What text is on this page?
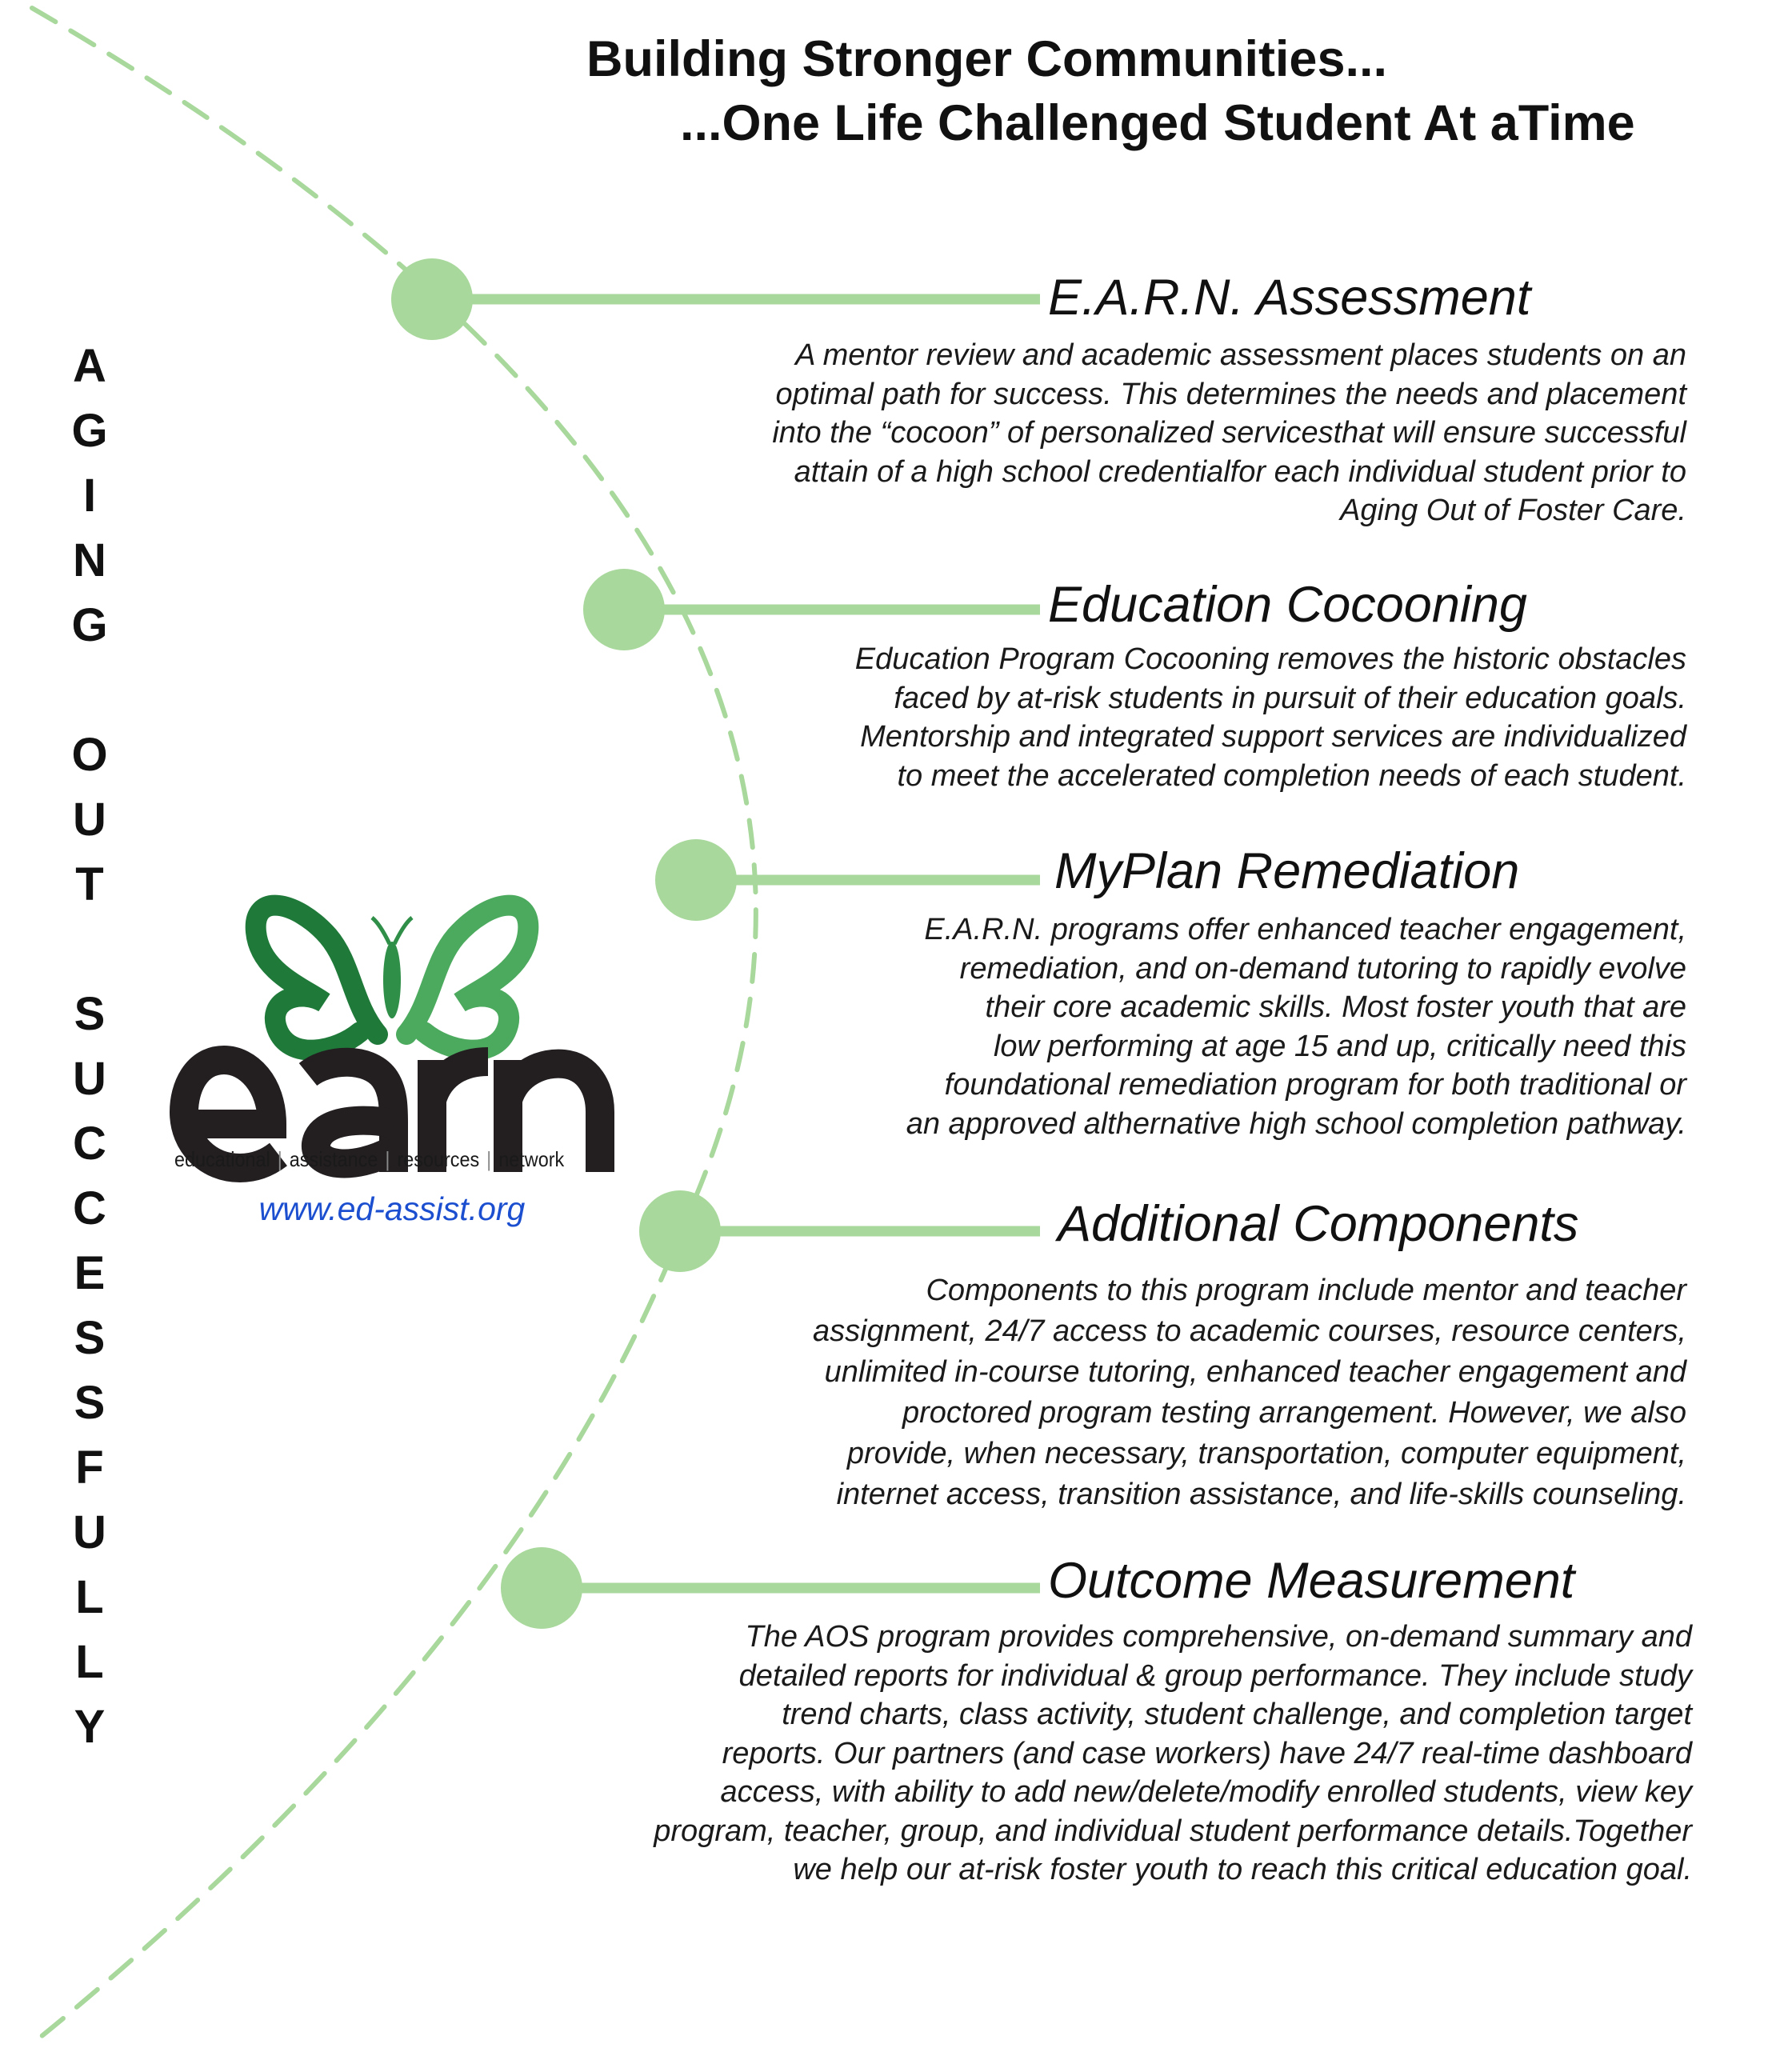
Building Stronger Communities...
...One Life Challenged Student At aTime
A
G
I
N
G
O
U
T
S
U
C
C
E
S
S
F
U
L
L
Y
educational | assistance | resources | network
www.ed-assist.org
E.A.R.N. Assessment
A mentor review and academic assessment places students on an
optimal path for success. This determines the needs and placement
into the “cocoon” of personalized servicesthat will ensure successful
attain of a high school credentialfor each individual student prior to
Aging Out of Foster Care.
Education Cocooning
Education Program Cocooning removes the historic obstacles
faced by at-risk students in pursuit of their education goals.
Mentorship and integrated support services are individualized
to meet the accelerated completion needs of each student.
MyPlan Remediation
E.A.R.N. programs offer enhanced teacher engagement,
remediation, and on-demand tutoring to rapidly evolve
their core academic skills. Most foster youth that are
low performing at age 15 and up, critically need this
foundational remediation program for both traditional or
an approved althernative high school completion pathway.
Additional Components
Components to this program include mentor and teacher
assignment, 24/7 access to academic courses, resource centers,
unlimited in-course tutoring, enhanced teacher engagement and
proctored program testing arrangement. However, we also
provide, when necessary, transportation, computer equipment,
internet access, transition assistance, and life-skills counseling.
Outcome Measurement
The AOS program provides comprehensive, on-demand summary and
detailed reports for individual & group performance. They include study
trend charts, class activity, student challenge, and completion target
reports. Our partners (and case workers) have 24/7 real-time dashboard
access, with ability to add new/delete/modify enrolled students, view key
program, teacher, group, and individual student performance details.Together
we help our at-risk foster youth to reach this critical education goal.
